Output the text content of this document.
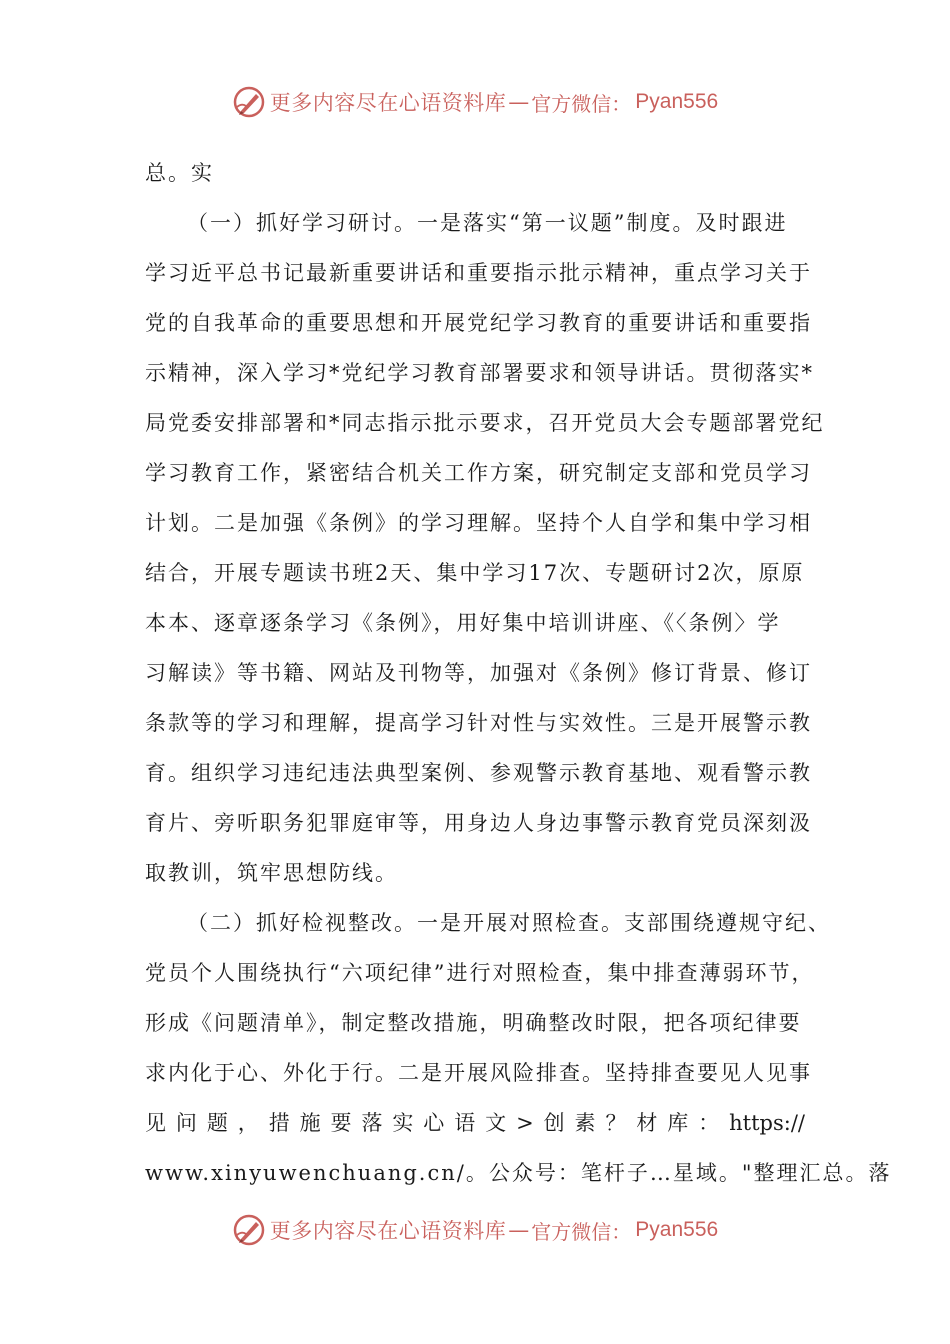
更多内容尽在心语资料库 — 官方微信： Pyan556
总。实
（一）抓好学习研讨。一是落实“第一议题”制度。及时跟进
学习近平总书记最新重要讲话和重要指示批示精神，重点学习关于
党的自我革命的重要思想和开展党纪学习教育的重要讲话和重要指
示精神，深入学习*党纪学习教育部署要求和领导讲话。贯彻落实*
局党委安排部署和*同志指示批示要求，召开党员大会专题部署党纪
学习教育工作，紧密结合机关工作方案，研究制定支部和党员学习
计划。二是加强《条例》的学习理解。坚持个人自学和集中学习相
结合，开展专题读书班2天、集中学习17次、专题研讨2次，原原
本本、逐章逐条学习《条例》，用好集中培训讲座、《〈条例〉学
习解读》等书籍、网站及刊物等，加强对《条例》修订背景、修订
条款等的学习和理解，提高学习针对性与实效性。三是开展警示教
育。组织学习违纪违法典型案例、参观警示教育基地、观看警示教
育片、旁听职务犯罪庭审等，用身边人身边事警示教育党员深刻汲
取教训，筑牢思想防线。
（二）抓好检视整改。一是开展对照检查。支部围绕遵规守纪、
党员个人围绕执行“六项纪律”进行对照检查，集中排查薄弱环节，
形成《问题清单》，制定整改措施，明确整改时限，把各项纪律要
求内化于心、外化于行。二是开展风险排查。坚持排查要见人见事
见问题，措施要落实心语文>创素？材库：https://
www.xinyuwenchuang.cn/。公众号：笔杆子…星域。"整理汇总。落
更多内容尽在心语资料库 — 官方微信： Pyan556
